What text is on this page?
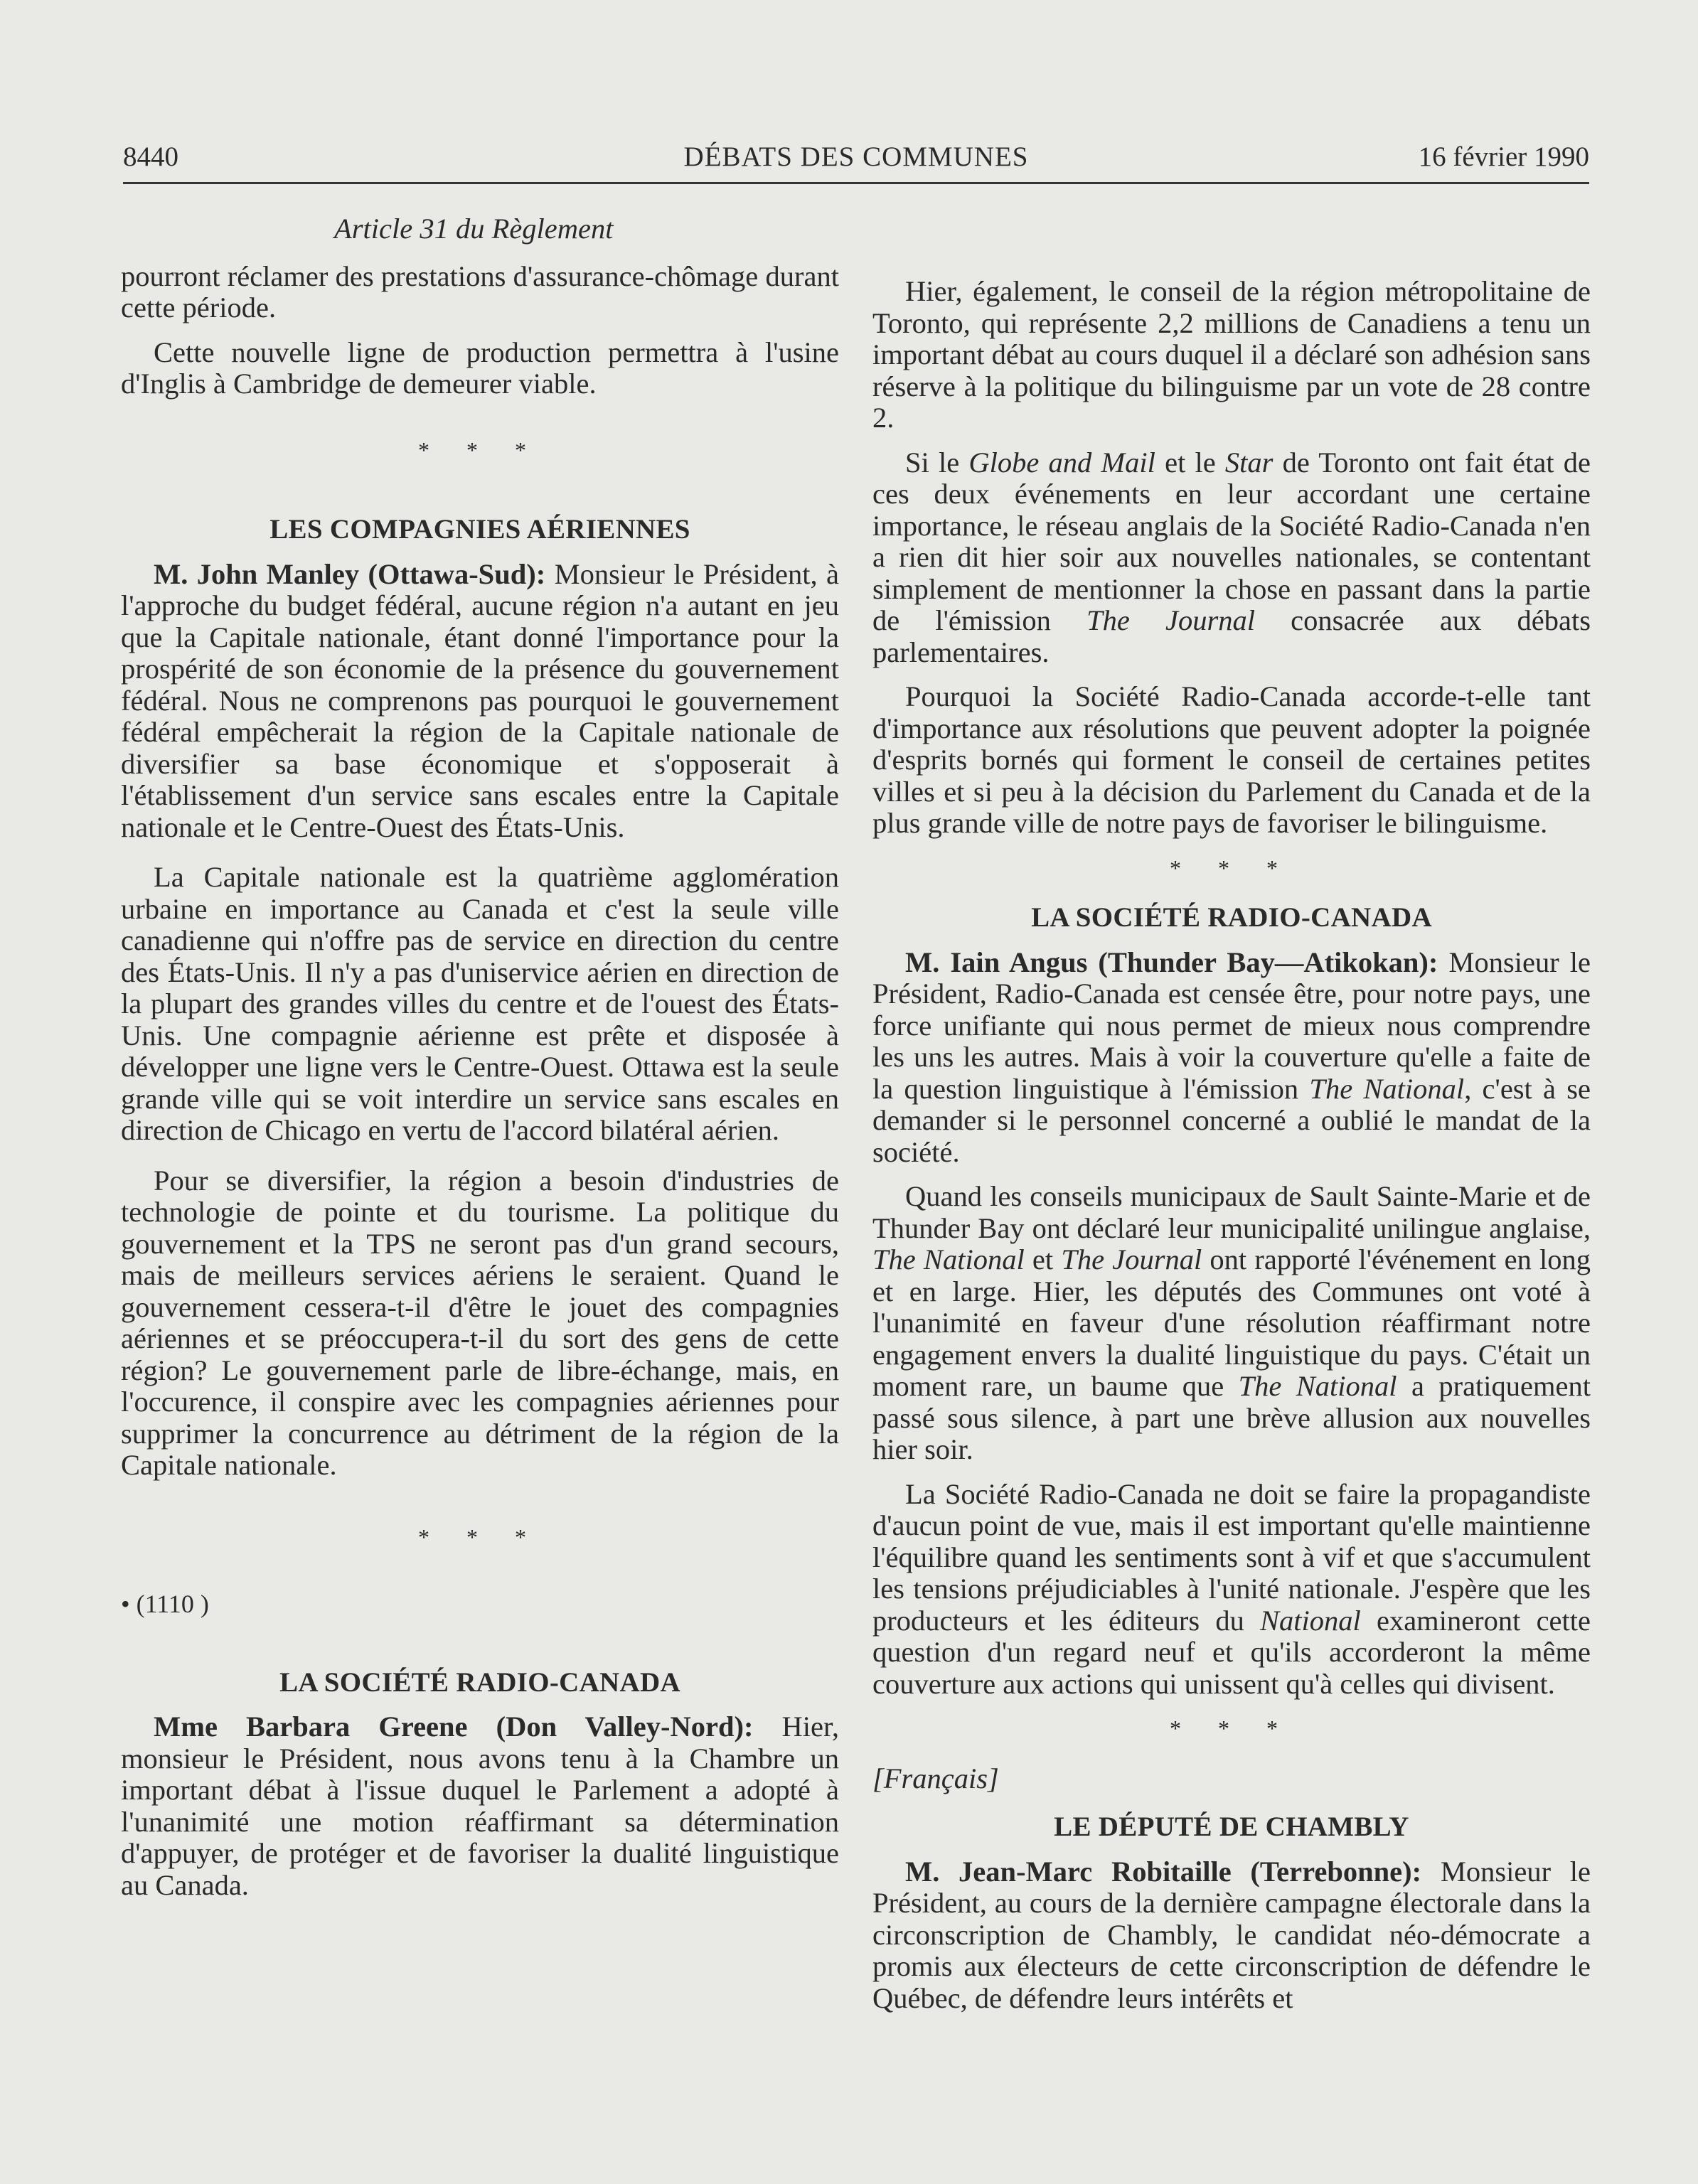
8440	DÉBATS DES COMMUNES	16 février 1990
Article 31 du Règlement

pourront réclamer des prestations d'assurance-chômage durant cette période.

Cette nouvelle ligne de production permettra à l'usine d'Inglis à Cambridge de demeurer viable.

* * *
LES COMPAGNIES AÉRIENNES

M. John Manley (Ottawa-Sud): Monsieur le Président, à l'approche du budget fédéral, aucune région n'a autant en jeu que la Capitale nationale, étant donné l'importance pour la prospérité de son économie de la présence du gouvernement fédéral. Nous ne comprenons pas pourquoi le gouvernement fédéral empêcherait la région de la Capitale nationale de diversifier sa base économique et s'opposerait à l'établissement d'un service sans escales entre la Capitale nationale et le Centre-Ouest des États-Unis.

La Capitale nationale est la quatrième agglomération urbaine en importance au Canada et c'est la seule ville canadienne qui n'offre pas de service en direction du centre des États-Unis. Il n'y a pas d'uniservice aérien en direction de la plupart des grandes villes du centre et de l'ouest des États-Unis. Une compagnie aérienne est prête et disposée à développer une ligne vers le Centre-Ouest. Ottawa est la seule grande ville qui se voit interdire un service sans escales en direction de Chicago en vertu de l'accord bilatéral aérien.

Pour se diversifier, la région a besoin d'industries de technologie de pointe et du tourisme. La politique du gouvernement et la TPS ne seront pas d'un grand secours, mais de meilleurs services aériens le seraient. Quand le gouvernement cessera-t-il d'être le jouet des compagnies aériennes et se préoccupera-t-il du sort des gens de cette région? Le gouvernement parle de libre-échange, mais, en l'occurence, il conspire avec les compagnies aériennes pour supprimer la concurrence au détriment de la région de la Capitale nationale.

* * *

• (1110 )

LA SOCIÉTÉ RADIO-CANADA

Mme Barbara Greene (Don Valley-Nord): Hier, monsieur le Président, nous avons tenu à la Chambre un important débat à l'issue duquel le Parlement a adopté à l'unanimité une motion réaffirmant sa détermination d'appuyer, de protéger et de favoriser la dualité linguistique au Canada.

Hier, également, le conseil de la région métropolitaine de Toronto, qui représente 2,2 millions de Canadiens a tenu un important débat au cours duquel il a déclaré son adhésion sans réserve à la politique du bilinguisme par un vote de 28 contre 2.

Si le Globe and Mail et le Star de Toronto ont fait état de ces deux événements en leur accordant une certaine importance, le réseau anglais de la Société Radio-Canada n'en a rien dit hier soir aux nouvelles nationales, se contentant simplement de mentionner la chose en passant dans la partie de l'émission The Journal consacrée aux débats parlementaires.

Pourquoi la Société Radio-Canada accorde-t-elle tant d'importance aux résolutions que peuvent adopter la poignée d'esprits bornés qui forment le conseil de certaines petites villes et si peu à la décision du Parlement du Canada et de la plus grande ville de notre pays de favoriser le bilinguisme.

* * *
LA SOCIÉTÉ RADIO-CANADA

M. Iain Angus (Thunder Bay—Atikokan): Monsieur le Président, Radio-Canada est censée être, pour notre pays, une force unifiante qui nous permet de mieux nous comprendre les uns les autres. Mais à voir la couverture qu'elle a faite de la question linguistique à l'émission The National, c'est à se demander si le personnel concerné a oublié le mandat de la société.

Quand les conseils municipaux de Sault Sainte-Marie et de Thunder Bay ont déclaré leur municipalité unilingue anglaise, The National et The Journal ont rapporté l'événement en long et en large. Hier, les députés des Communes ont voté à l'unanimité en faveur d'une résolution réaffirmant notre engagement envers la dualité linguistique du pays. C'était un moment rare, un baume que The National a pratiquement passé sous silence, à part une brève allusion aux nouvelles hier soir.

La Société Radio-Canada ne doit se faire la propagandiste d'aucun point de vue, mais il est important qu'elle maintienne l'équilibre quand les sentiments sont à vif et que s'accumulent les tensions préjudiciables à l'unité nationale. J'espère que les producteurs et les éditeurs du National examineront cette question d'un regard neuf et qu'ils accorderont la même couverture aux actions qui unissent qu'à celles qui divisent.

* * *
[Français]
LE DÉPUTÉ DE CHAMBLY

M. Jean-Marc Robitaille (Terrebonne): Monsieur le Président, au cours de la dernière campagne électorale dans la circonscription de Chambly, le candidat néo-démocrate a promis aux électeurs de cette circonscription de défendre le Québec, de défendre leurs intérêts et
